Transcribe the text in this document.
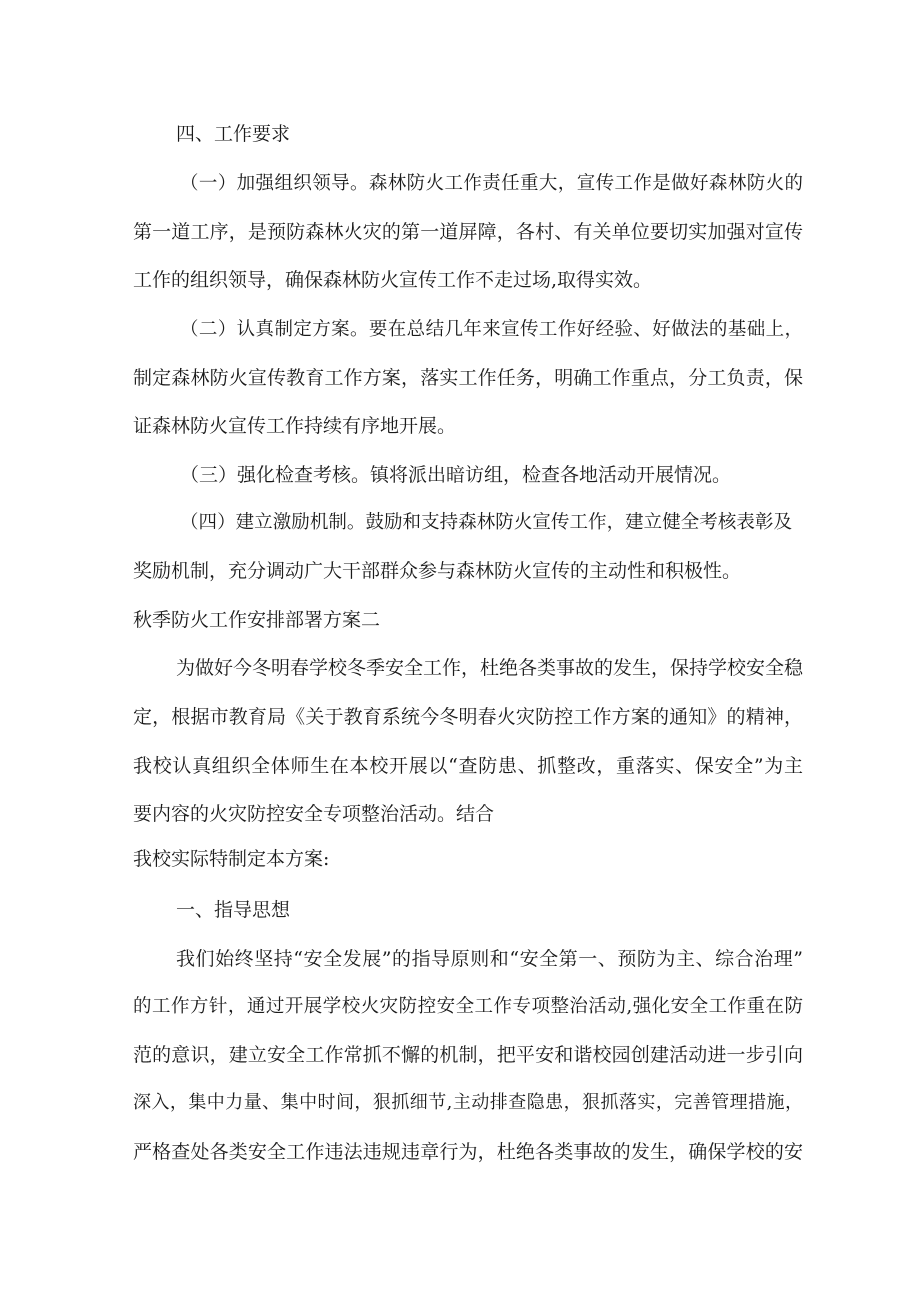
四、工作要求
（一）加强组织领导。森林防火工作责任重大，宣传工作是做好森林防火的
第一道工序，是预防森林火灾的第一道屏障，各村、有关单位要切实加强对宣传
工作的组织领导，确保森林防火宣传工作不走过场,取得实效。
（二）认真制定方案。要在总结几年来宣传工作好经验、好做法的基础上，
制定森林防火宣传教育工作方案，落实工作任务，明确工作重点，分工负责，保
证森林防火宣传工作持续有序地开展。
（三）强化检查考核。镇将派出暗访组，检查各地活动开展情况。
（四）建立激励机制。鼓励和支持森林防火宣传工作，建立健全考核表彰及
奖励机制，充分调动广大干部群众参与森林防火宣传的主动性和积极性。
秋季防火工作安排部署方案二
为做好今冬明春学校冬季安全工作，杜绝各类事故的发生，保持学校安全稳
定，根据市教育局《关于教育系统今冬明春火灾防控工作方案的通知》的精神，
我校认真组织全体师生在本校开展以“查防患、抓整改，重落实、保安全”为主
要内容的火灾防控安全专项整治活动。结合
我校实际特制定本方案:
一、指导思想
我们始终坚持“安全发展”的指导原则和“安全第一、预防为主、综合治理”
的工作方针，通过开展学校火灾防控安全工作专项整治活动,强化安全工作重在防
范的意识，建立安全工作常抓不懈的机制，把平安和谐校园创建活动进一步引向
深入，集中力量、集中时间，狠抓细节,主动排查隐患，狠抓落实，完善管理措施，
严格查处各类安全工作违法违规违章行为，杜绝各类事故的发生，确保学校的安
